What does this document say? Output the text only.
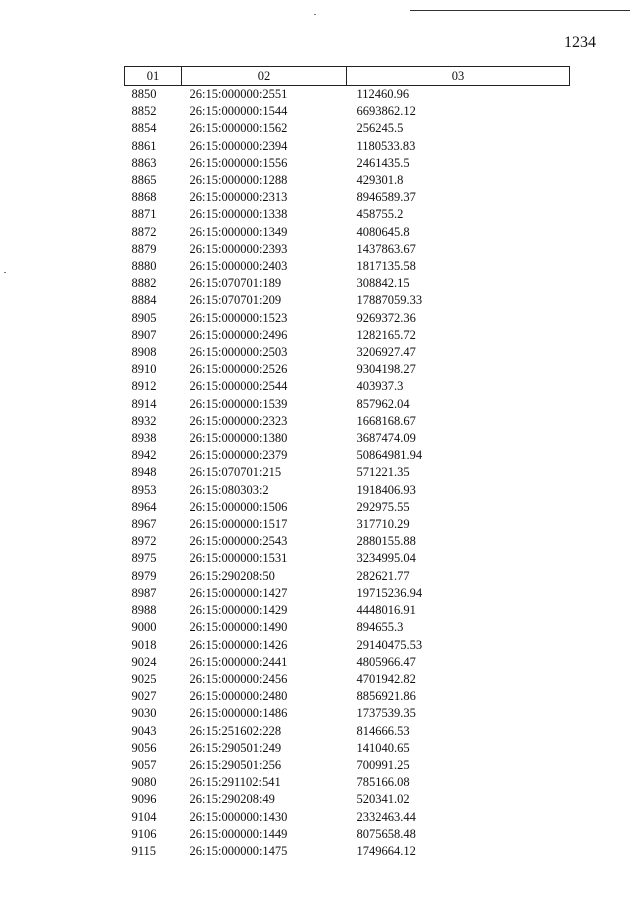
1234
01	02	03
8850	26:15:000000:2551	112460.96
8852	26:15:000000:1544	6693862.12
8854	26:15:000000:1562	256245.5
8861	26:15:000000:2394	1180533.83
8863	26:15:000000:1556	2461435.5
8865	26:15:000000:1288	429301.8
8868	26:15:000000:2313	8946589.37
8871	26:15:000000:1338	458755.2
8872	26:15:000000:1349	4080645.8
8879	26:15:000000:2393	1437863.67
8880	26:15:000000:2403	1817135.58
8882	26:15:070701:189	308842.15
8884	26:15:070701:209	17887059.33
8905	26:15:000000:1523	9269372.36
8907	26:15:000000:2496	1282165.72
8908	26:15:000000:2503	3206927.47
8910	26:15:000000:2526	9304198.27
8912	26:15:000000:2544	403937.3
8914	26:15:000000:1539	857962.04
8932	26:15:000000:2323	1668168.67
8938	26:15:000000:1380	3687474.09
8942	26:15:000000:2379	50864981.94
8948	26:15:070701:215	571221.35
8953	26:15:080303:2	1918406.93
8964	26:15:000000:1506	292975.55
8967	26:15:000000:1517	317710.29
8972	26:15:000000:2543	2880155.88
8975	26:15:000000:1531	3234995.04
8979	26:15:290208:50	282621.77
8987	26:15:000000:1427	19715236.94
8988	26:15:000000:1429	4448016.91
9000	26:15:000000:1490	894655.3
9018	26:15:000000:1426	29140475.53
9024	26:15:000000:2441	4805966.47
9025	26:15:000000:2456	4701942.82
9027	26:15:000000:2480	8856921.86
9030	26:15:000000:1486	1737539.35
9043	26:15:251602:228	814666.53
9056	26:15:290501:249	141040.65
9057	26:15:290501:256	700991.25
9080	26:15:291102:541	785166.08
9096	26:15:290208:49	520341.02
9104	26:15:000000:1430	2332463.44
9106	26:15:000000:1449	8075658.48
9115	26:15:000000:1475	1749664.12
